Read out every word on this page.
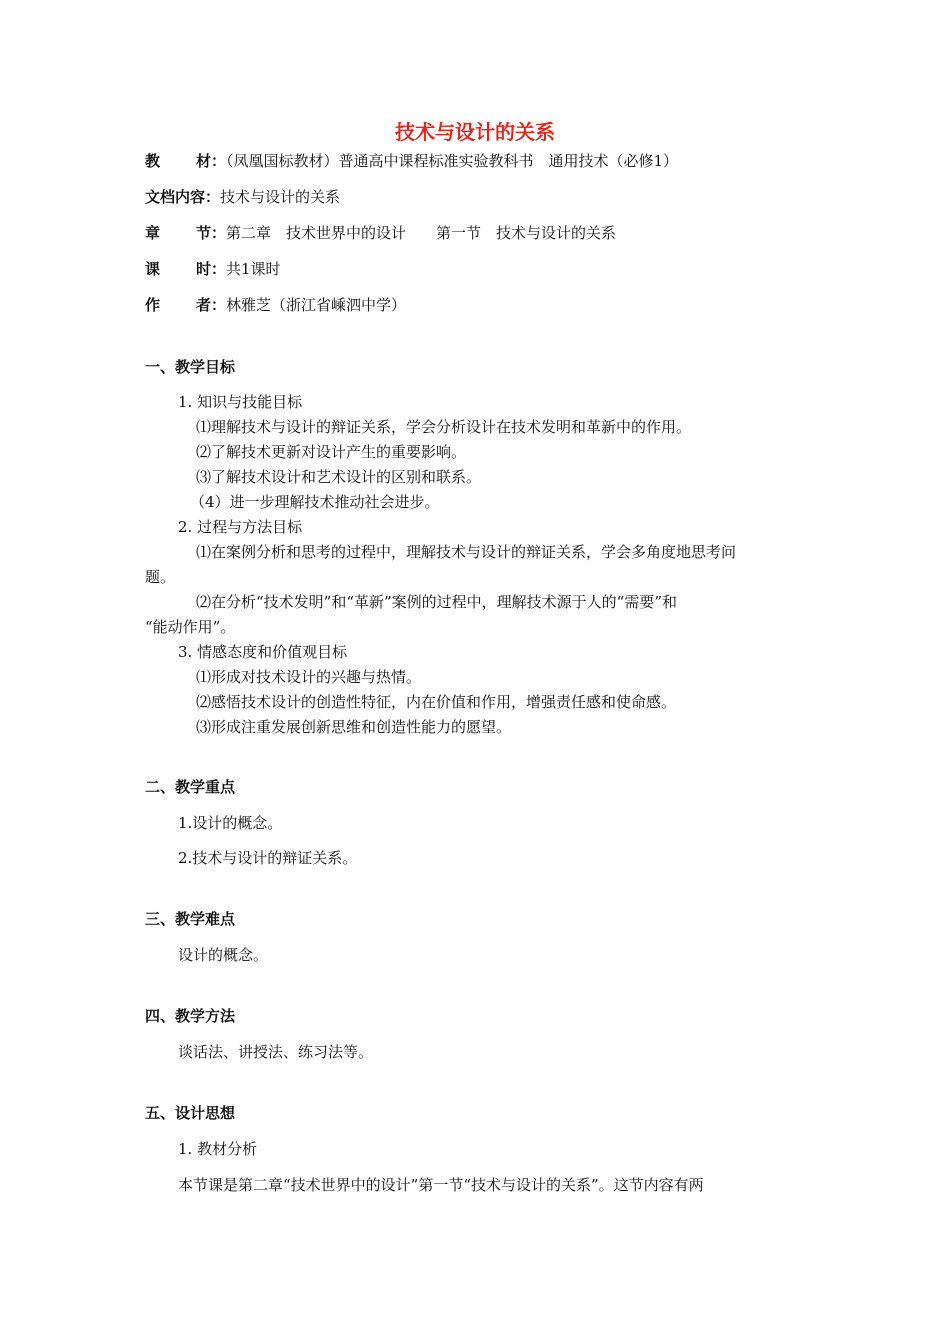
技术与设计的关系
教 材 ：（凤凰国标教材）普通高中课程标准实验教科书　通用技术（必修1）
文档内容：技术与设计的关系
章 节 ：第二章　技术世界中的设计　　第一节　技术与设计的关系
课 时 ：共1课时
作 者 ：林雅芝（浙江省嵊泗中学）
一、教学目标
1. 知识与技能目标
⑴理解技术与设计的辩证关系，学会分析设计在技术发明和革新中的作用。
⑵了解技术更新对设计产生的重要影响。
⑶了解技术设计和艺术设计的区别和联系。
（4）进一步理解技术推动社会进步。
2. 过程与方法目标
⑴在案例分析和思考的过程中，理解技术与设计的辩证关系，学会多角度地思考问
题。
⑵在分析“技术发明”和“革新”案例的过程中，理解技术源于人的“需要”和
“能动作用”。
3. 情感态度和价值观目标
⑴形成对技术设计的兴趣与热情。
⑵感悟技术设计的创造性特征，内在价值和作用，增强责任感和使命感。
⑶形成注重发展创新思维和创造性能力的愿望。
二、教学重点
1.设计的概念。
2.技术与设计的辩证关系。
三、教学难点
设计的概念。
四、教学方法
谈话法、讲授法、练习法等。
五、设计思想
1. 教材分析
本节课是第二章“技术世界中的设计”第一节“技术与设计的关系”。这节内容有两
